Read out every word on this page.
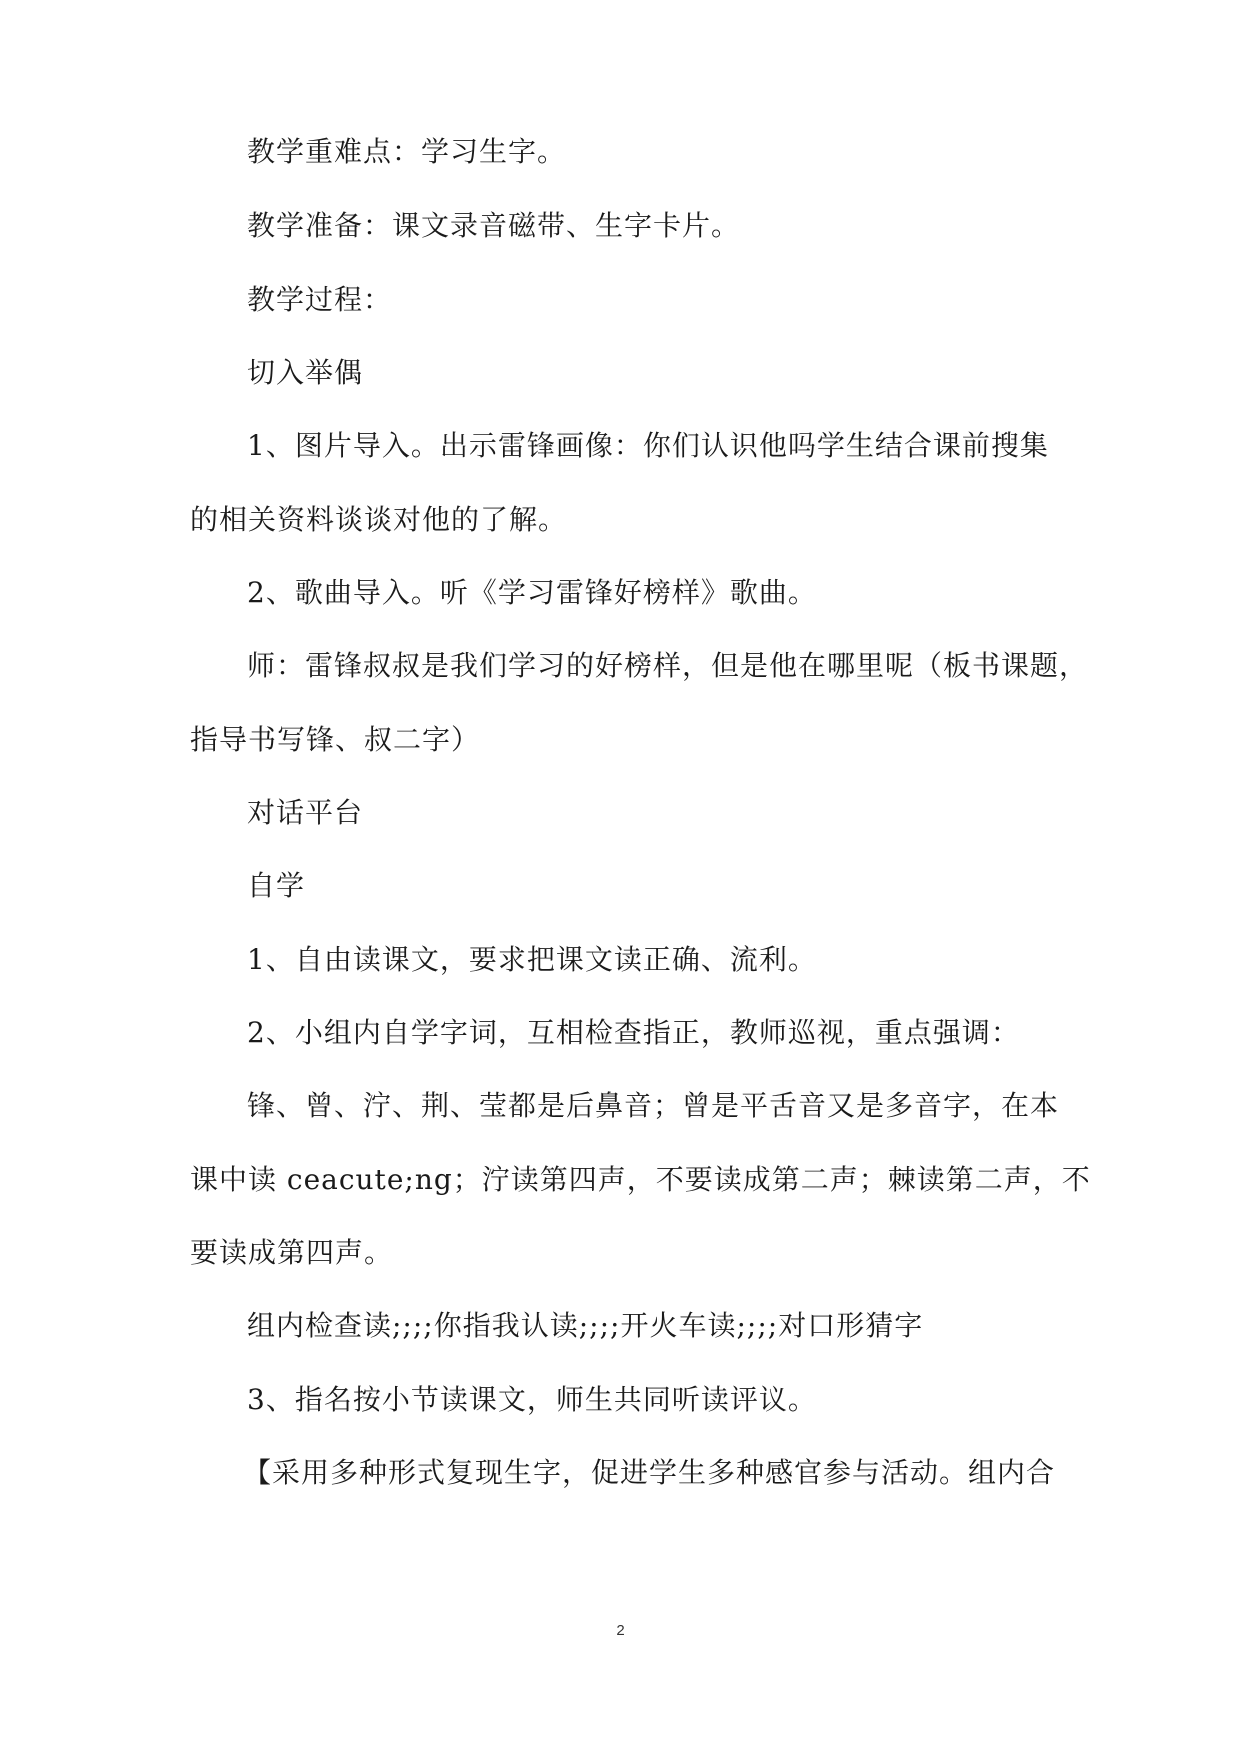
教学重难点：学习生字。
教学准备：课文录音磁带、生字卡片。
教学过程：
切入举偶
1、图片导入。出示雷锋画像：你们认识他吗学生结合课前搜集
的相关资料谈谈对他的了解。
2、歌曲导入。听《学习雷锋好榜样》歌曲。
师：雷锋叔叔是我们学习的好榜样，但是他在哪里呢（板书课题，
指导书写锋、叔二字）
对话平台
自学
1、自由读课文，要求把课文读正确、流利。
2、小组内自学字词，互相检查指正，教师巡视，重点强调：
锋、曾、泞、荆、莹都是后鼻音；曾是平舌音又是多音字，在本
课中读 ceacute;ng；泞读第四声，不要读成第二声；棘读第二声，不
要读成第四声。
组内检查读;;;;你指我认读;;;;开火车读;;;;对口形猜字
3、指名按小节读课文，师生共同听读评议。
【采用多种形式复现生字，促进学生多种感官参与活动。组内合
2
